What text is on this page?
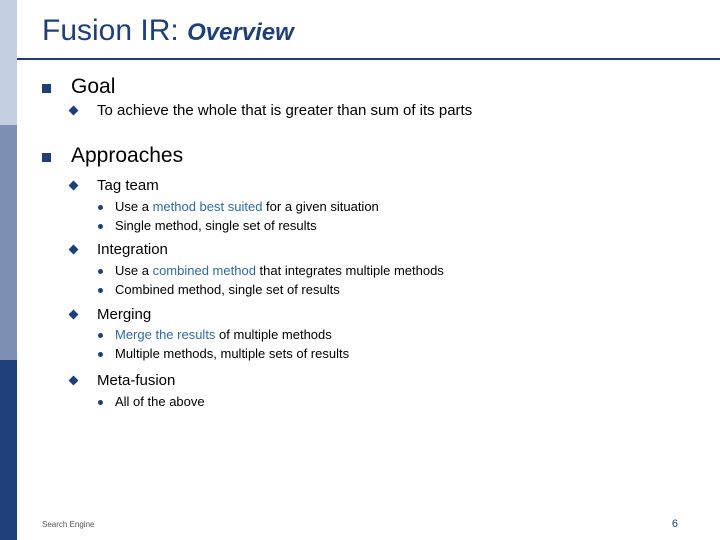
Fusion IR: Overview
Goal
To achieve the whole that is greater than sum of its parts
Approaches
Tag team
Use a method best suited for a given situation
Single method, single set of results
Integration
Use a combined method that integrates multiple methods
Combined method, single set of results
Merging
Merge the results of multiple methods
Multiple methods, multiple sets of results
Meta-fusion
All of the above
Search Engine	6
